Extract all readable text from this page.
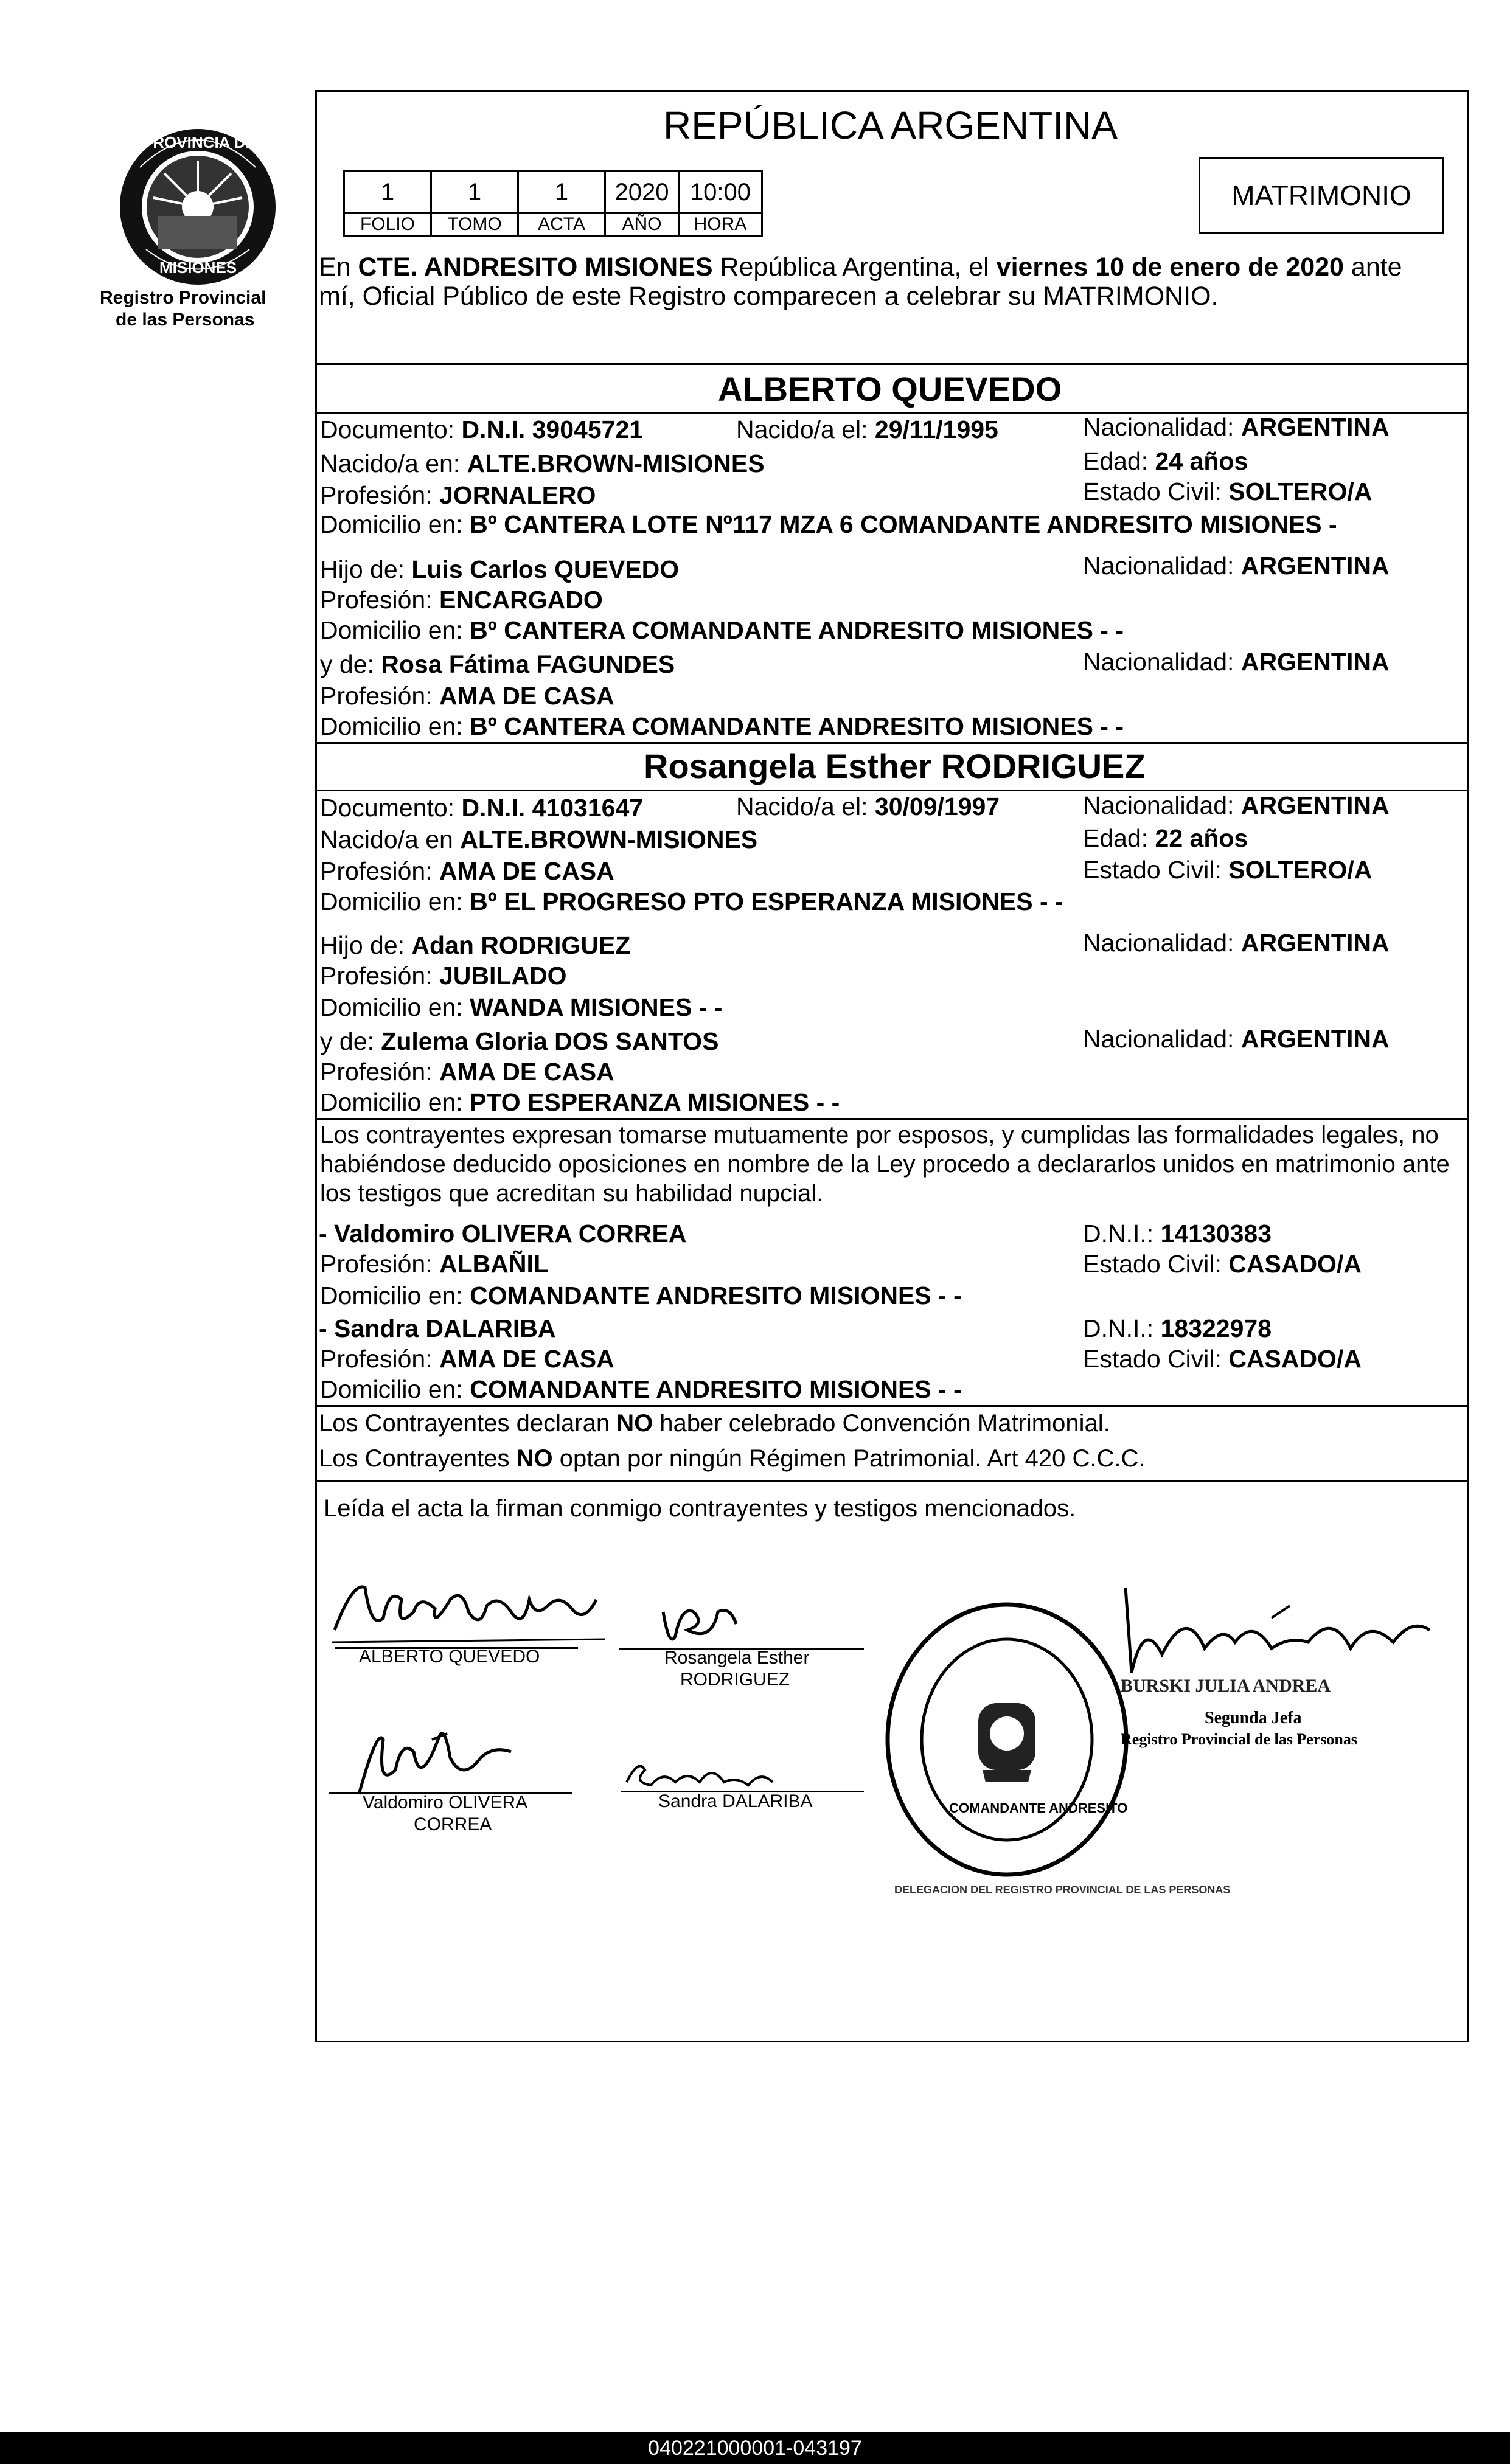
PROVINCIA DE
MISIONES
Registro Provincial
de las Personas
REPÚBLICA ARGENTINA
1	1	1	2020	10:00
FOLIO	TOMO	ACTA	AÑO	HORA
MATRIMONIO
En CTE. ANDRESITO MISIONES República Argentina, el viernes 10 de enero de 2020 ante
mí, Oficial Público de este Registro comparecen a celebrar su MATRIMONIO.
ALBERTO QUEVEDO
Documento: D.N.I. 39045721	Nacido/a el: 29/11/1995	Nacionalidad: ARGENTINA
Nacido/a en: ALTE.BROWN-MISIONES	Edad: 24 años
Profesión: JORNALERO	Estado Civil: SOLTERO/A
Domicilio en: Bº CANTERA LOTE Nº117 MZA 6 COMANDANTE ANDRESITO MISIONES -
Hijo de: Luis Carlos QUEVEDO	Nacionalidad: ARGENTINA
Profesión: ENCARGADO
Domicilio en: Bº CANTERA COMANDANTE ANDRESITO MISIONES - -
y de: Rosa Fátima FAGUNDES	Nacionalidad: ARGENTINA
Profesión: AMA DE CASA
Domicilio en: Bº CANTERA COMANDANTE ANDRESITO MISIONES - -
Rosangela Esther RODRIGUEZ
Documento: D.N.I. 41031647	Nacido/a el: 30/09/1997	Nacionalidad: ARGENTINA
Nacido/a en ALTE.BROWN-MISIONES	Edad: 22 años
Profesión: AMA DE CASA	Estado Civil: SOLTERO/A
Domicilio en: Bº EL PROGRESO PTO ESPERANZA MISIONES - -
Hijo de: Adan RODRIGUEZ	Nacionalidad: ARGENTINA
Profesión: JUBILADO
Domicilio en: WANDA MISIONES - -
y de: Zulema Gloria DOS SANTOS	Nacionalidad: ARGENTINA
Profesión: AMA DE CASA
Domicilio en: PTO ESPERANZA MISIONES - -
Los contrayentes expresan tomarse mutuamente por esposos, y cumplidas las formalidades legales, no
habiéndose deducido oposiciones en nombre de la Ley procedo a declararlos unidos en matrimonio ante
los testigos que acreditan su habilidad nupcial.
- Valdomiro OLIVERA CORREA	D.N.I.: 14130383
Profesión: ALBAÑIL	Estado Civil: CASADO/A
Domicilio en: COMANDANTE ANDRESITO MISIONES - -
- Sandra DALARIBA	D.N.I.: 18322978
Profesión: AMA DE CASA	Estado Civil: CASADO/A
Domicilio en: COMANDANTE ANDRESITO MISIONES - -
Los Contrayentes declaran NO haber celebrado Convención Matrimonial.
Los Contrayentes NO optan por ningún Régimen Patrimonial. Art 420 C.C.C.
Leída el acta la firman conmigo contrayentes y testigos mencionados.
ALBERTO QUEVEDO	Rosangela Esther
RODRIGUEZ
Valdomiro OLIVERA
CORREA
Sandra DALARIBA
DELEGACION DEL REGISTRO PROVINCIAL DE LAS PERSONAS
COMANDANTE ANDRESITO
BURSKI JULIA ANDREA
Segunda Jefa
Registro Provincial de las Personas
040221000001-043197
